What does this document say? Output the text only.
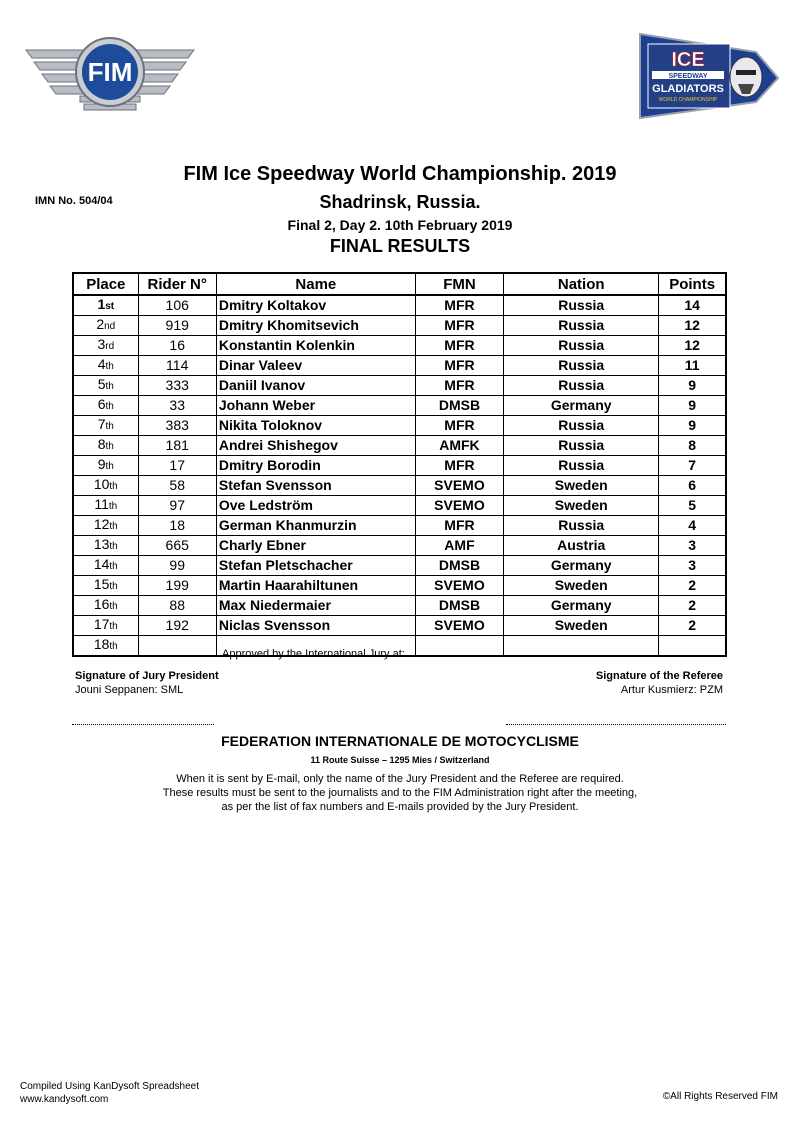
FIM	ICE
SPEEDWAY
GLADIATORS
WORLD CHAMPIONSHIP
FIM Ice Speedway World Championship. 2019
IMN No. 504/04	Shadrinsk, Russia.
Final 2, Day 2. 10th February 2019
FINAL RESULTS
Place	Rider N°	Name	FMN	Nation	Points
1st	106	Dmitry Koltakov	MFR	Russia	14
2nd	919	Dmitry Khomitsevich	MFR	Russia	12
3rd	16	Konstantin Kolenkin	MFR	Russia	12
4th	114	Dinar Valeev	MFR	Russia	11
5th	333	Daniil Ivanov	MFR	Russia	9
6th	33	Johann Weber	DMSB	Germany	9
7th	383	Nikita Toloknov	MFR	Russia	9
8th	181	Andrei Shishegov	AMFK	Russia	8
9th	17	Dmitry Borodin	MFR	Russia	7
10th	58	Stefan Svensson	SVEMO	Sweden	6
11th	97	Ove Ledström	SVEMO	Sweden	5
12th	18	German Khanmurzin	MFR	Russia	4
13th	665	Charly Ebner	AMF	Austria	3
14th	99	Stefan Pletschacher	DMSB	Germany	3
15th	199	Martin Haarahiltunen	SVEMO	Sweden	2
16th	88	Max Niedermaier	DMSB	Germany	2
17th	192	Niclas Svensson	SVEMO	Sweden	2
18th					
Approved by the International Jury at:
Signature of Jury President
Jouni Seppanen: SML
Signature of the Referee
Artur Kusmierz: PZM
FEDERATION INTERNATIONALE DE MOTOCYCLISME
11 Route Suisse – 1295 Mies / Switzerland
When it is sent by E-mail, only the name of the Jury President and the Referee are required.
These results must be sent to the journalists and to the FIM Administration right after the meeting,
as per the list of fax numbers and E-mails provided by the Jury President.
Compiled Using KanDysoft Spreadsheet
www.kandysoft.com	©All Rights Reserved FIM
